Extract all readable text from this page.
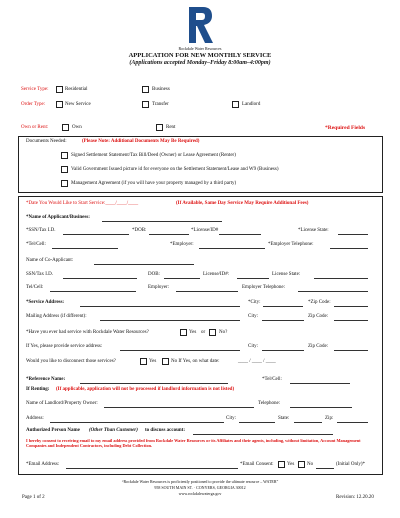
Rockdale Water Resources
APPLICATION FOR NEW MONTHLY SERVICE
(Applications accepted Monday–Friday 8:00am–4:00pm)
Service Type:	Residential	Business
Order Type:	New Service	Transfer	Landlord
Own or Rent:	Own	Rent	*Required Fields
Documents Needed:	(Please Note: Additional Documents May Be Required)
Signed Settlement Statement/Tax Bill/Deed (Owner) or Lease Agreement (Renter)
Valid Government Issued picture id for everyone on the Settlement Statement/Lease and W9 (Business)
Management Agreement (if you will have your property managed by a third party)
*Date You Would Like to Start Service:____/____/____	(If Available, Same Day Service May Require Additional Fees)
*Name of Applicant/Business:
*SSN/Tax I.D.	*DOB:	*License/ID#	*License State:
*Tel/Cell:	*Employer:	*Employer Telephone:
Name of Co-Applicant:
SSN/Tax I.D.	DOB:	License/ID#:	License State:
Tel/Cell:	Employer:	Employer Telephone:
*Service Address:	*City:	*Zip Code:
Mailing Address (if different):	City:	Zip Code:
*Have you ever had service with Rockdale Water Resources?	Yes or	No?
If Yes, please provide service address:	City:	Zip Code:
Would you like to disconnect those services?	Yes	No If Yes, on what date:	____ / ____ / ____
*Reference Name:	*Tel/Cell:
If Renting: (If applicable, application will not be processed if landlord information is not listed)
Name of Landlord/Property Owner:	Telephone:
Address:	City:	State:	Zip:
Authorized Person Name (Other Than Customer) to discuss account:
I hereby consent to receiving email to my email address provided from Rockdale Water Resources or its Affiliates and their agents, including, without limitation, Account Management Companies and Independent Contractors, including Debt Collection.
*Email Address:	*Email Consent:	Yes	No	(Initial Only)*
“Rockdale Water Resources is proficiently positioned to provide the ultimate resource – WATER”
958 SOUTH MAIN ST. · CONYERS, GEORGIA 30012
www.rockdalewaterga.gov
Page 1 of 2	Revision: 12.20.20
